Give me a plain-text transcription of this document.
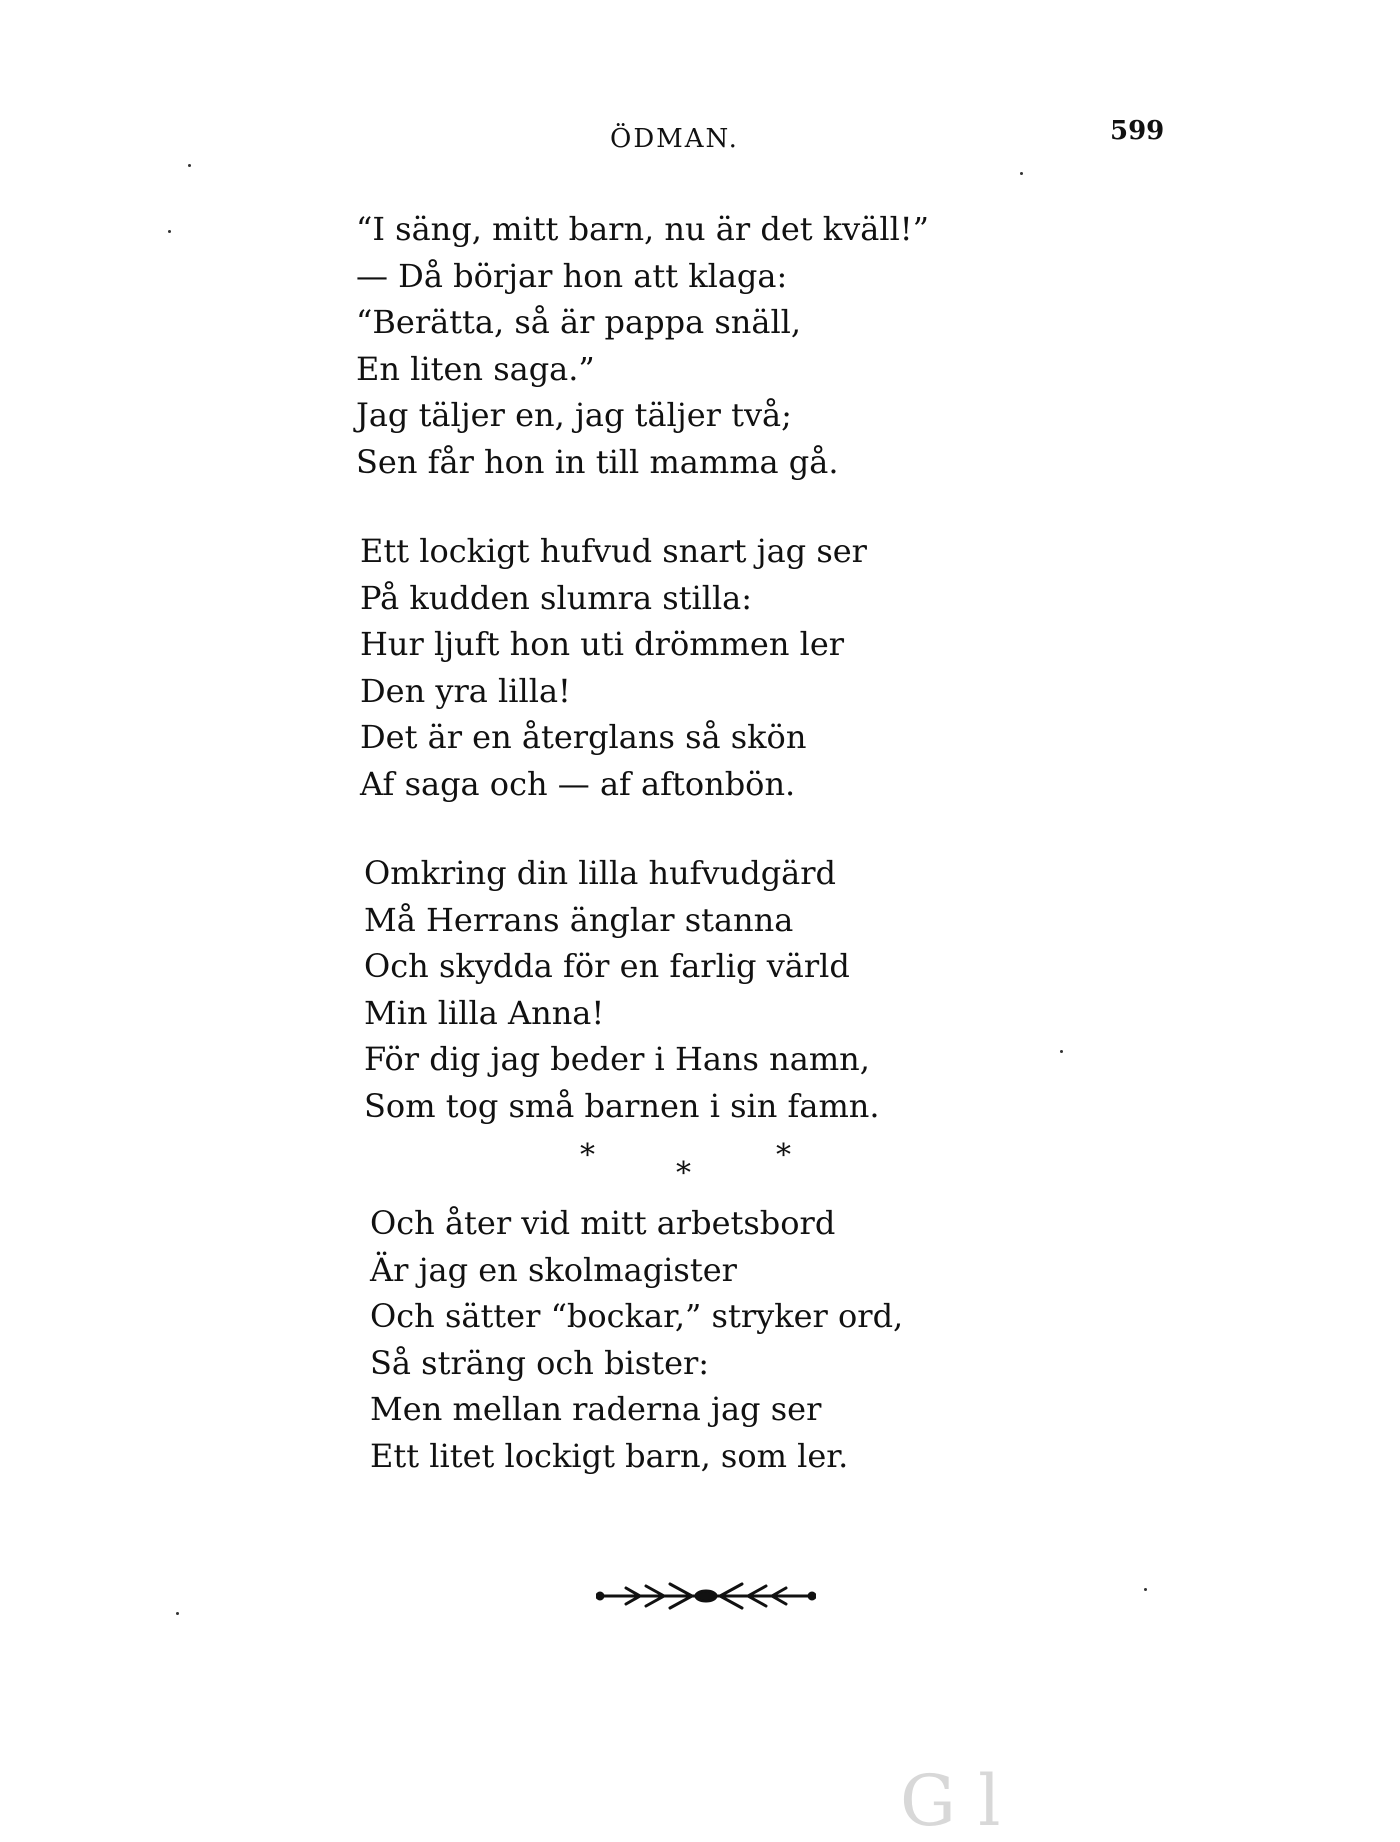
ÖDMAN.	599
“I säng, mitt barn, nu är det kväll!”
— Då börjar hon att klaga:
“Berätta, så är pappa snäll,
En liten saga.”
Jag täljer en, jag täljer två;
Sen får hon in till mamma gå.
Ett lockigt hufvud snart jag ser
På kudden slumra stilla:
Hur ljuft hon uti drömmen ler
Den yra lilla!
Det är en återglans så skön
Af saga och — af aftonbön.
Omkring din lilla hufvudgärd
Må Herrans änglar stanna
Och skydda för en farlig värld
Min lilla Anna!
För dig jag beder i Hans namn,
Som tog små barnen i sin famn.
*
*
*
Och åter vid mitt arbetsbord
Är jag en skolmagister
Och sätter “bockar,” stryker ord,
Så sträng och bister:
Men mellan raderna jag ser
Ett litet lockigt barn, som ler.
G l
